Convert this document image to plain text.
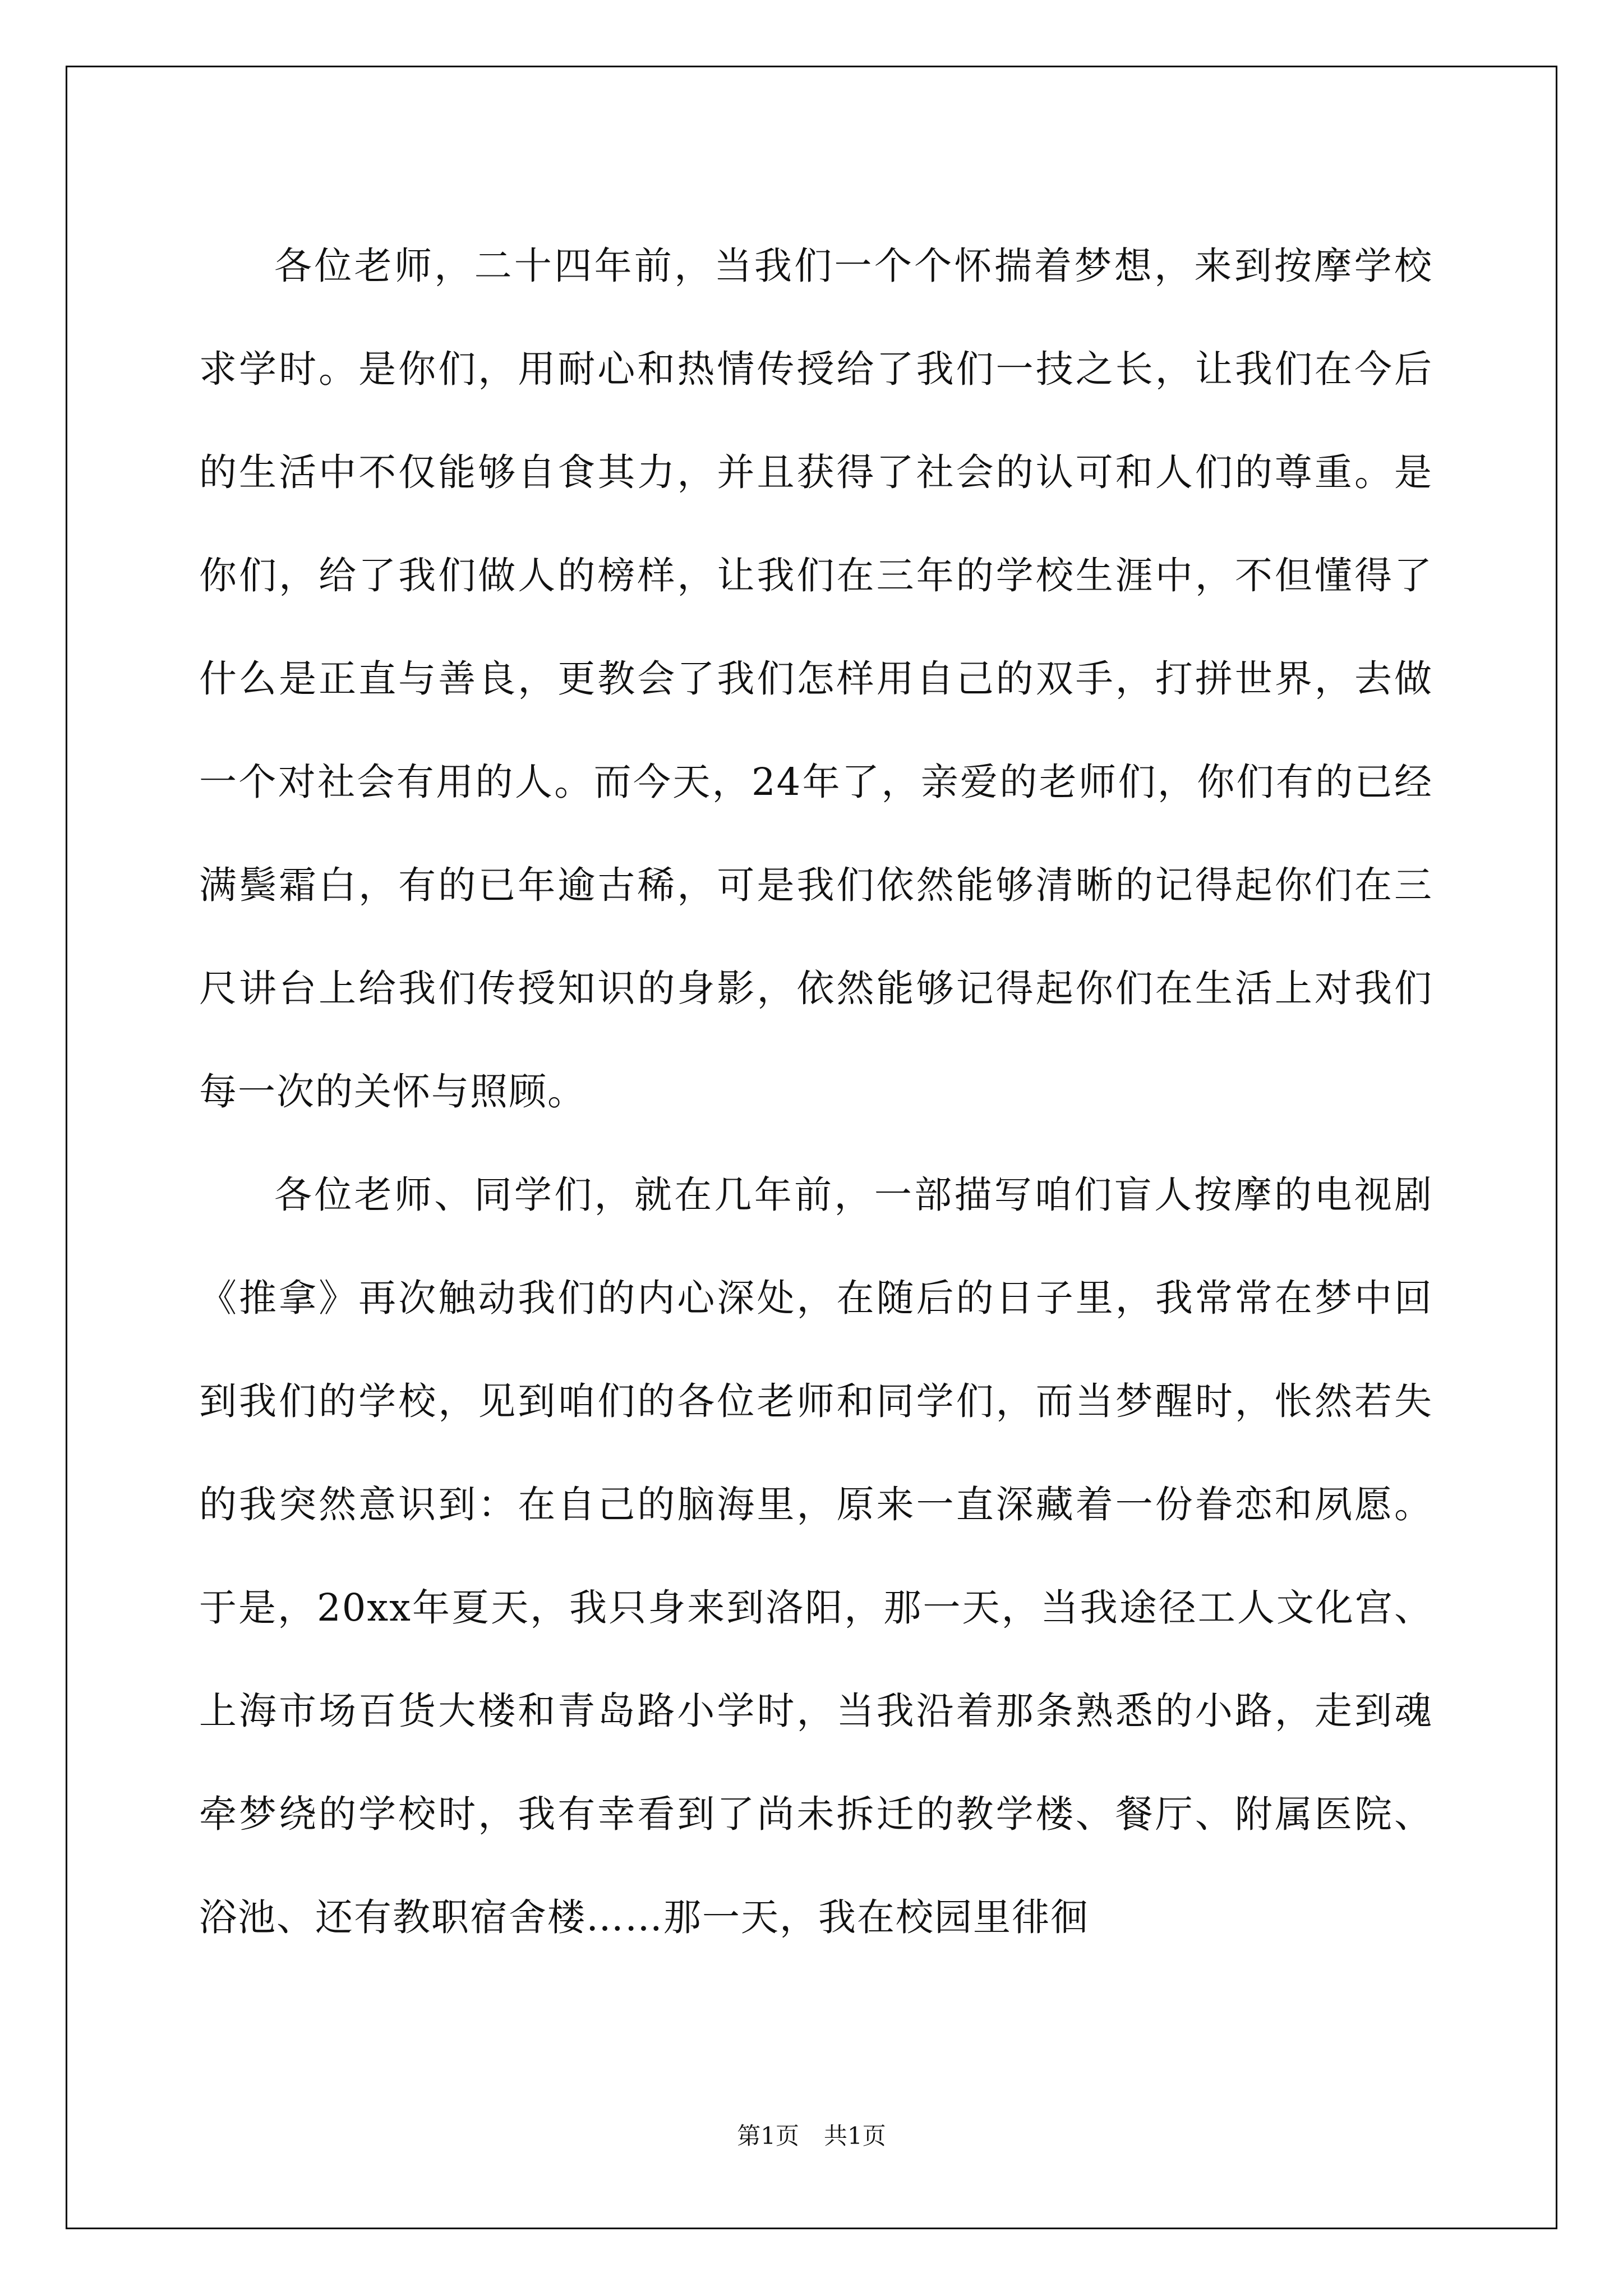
各位老师，二十四年前，当我们一个个怀揣着梦想，来到按摩学校求学时。是你们，用耐心和热情传授给了我们一技之长，让我们在今后的生活中不仅能够自食其力，并且获得了社会的认可和人们的尊重。是你们，给了我们做人的榜样，让我们在三年的学校生涯中，不但懂得了什么是正直与善良，更教会了我们怎样用自己的双手，打拼世界，去做一个对社会有用的人。而今天，24年了，亲爱的老师们，你们有的已经满鬓霜白，有的已年逾古稀，可是我们依然能够清晰的记得起你们在三尺讲台上给我们传授知识的身影，依然能够记得起你们在生活上对我们每一次的关怀与照顾。

各位老师、同学们，就在几年前，一部描写咱们盲人按摩的电视剧《推拿》再次触动我们的内心深处，在随后的日子里，我常常在梦中回到我们的学校，见到咱们的各位老师和同学们，而当梦醒时，怅然若失的我突然意识到：在自己的脑海里，原来一直深藏着一份眷恋和夙愿。于是，20xx年夏天，我只身来到洛阳，那一天，当我途径工人文化宫、上海市场百货大楼和青岛路小学时，当我沿着那条熟悉的小路，走到魂牵梦绕的学校时，我有幸看到了尚未拆迁的教学楼、餐厅、附属医院、浴池、还有教职宿舍楼……那一天，我在校园里徘徊

第1页 共1页
